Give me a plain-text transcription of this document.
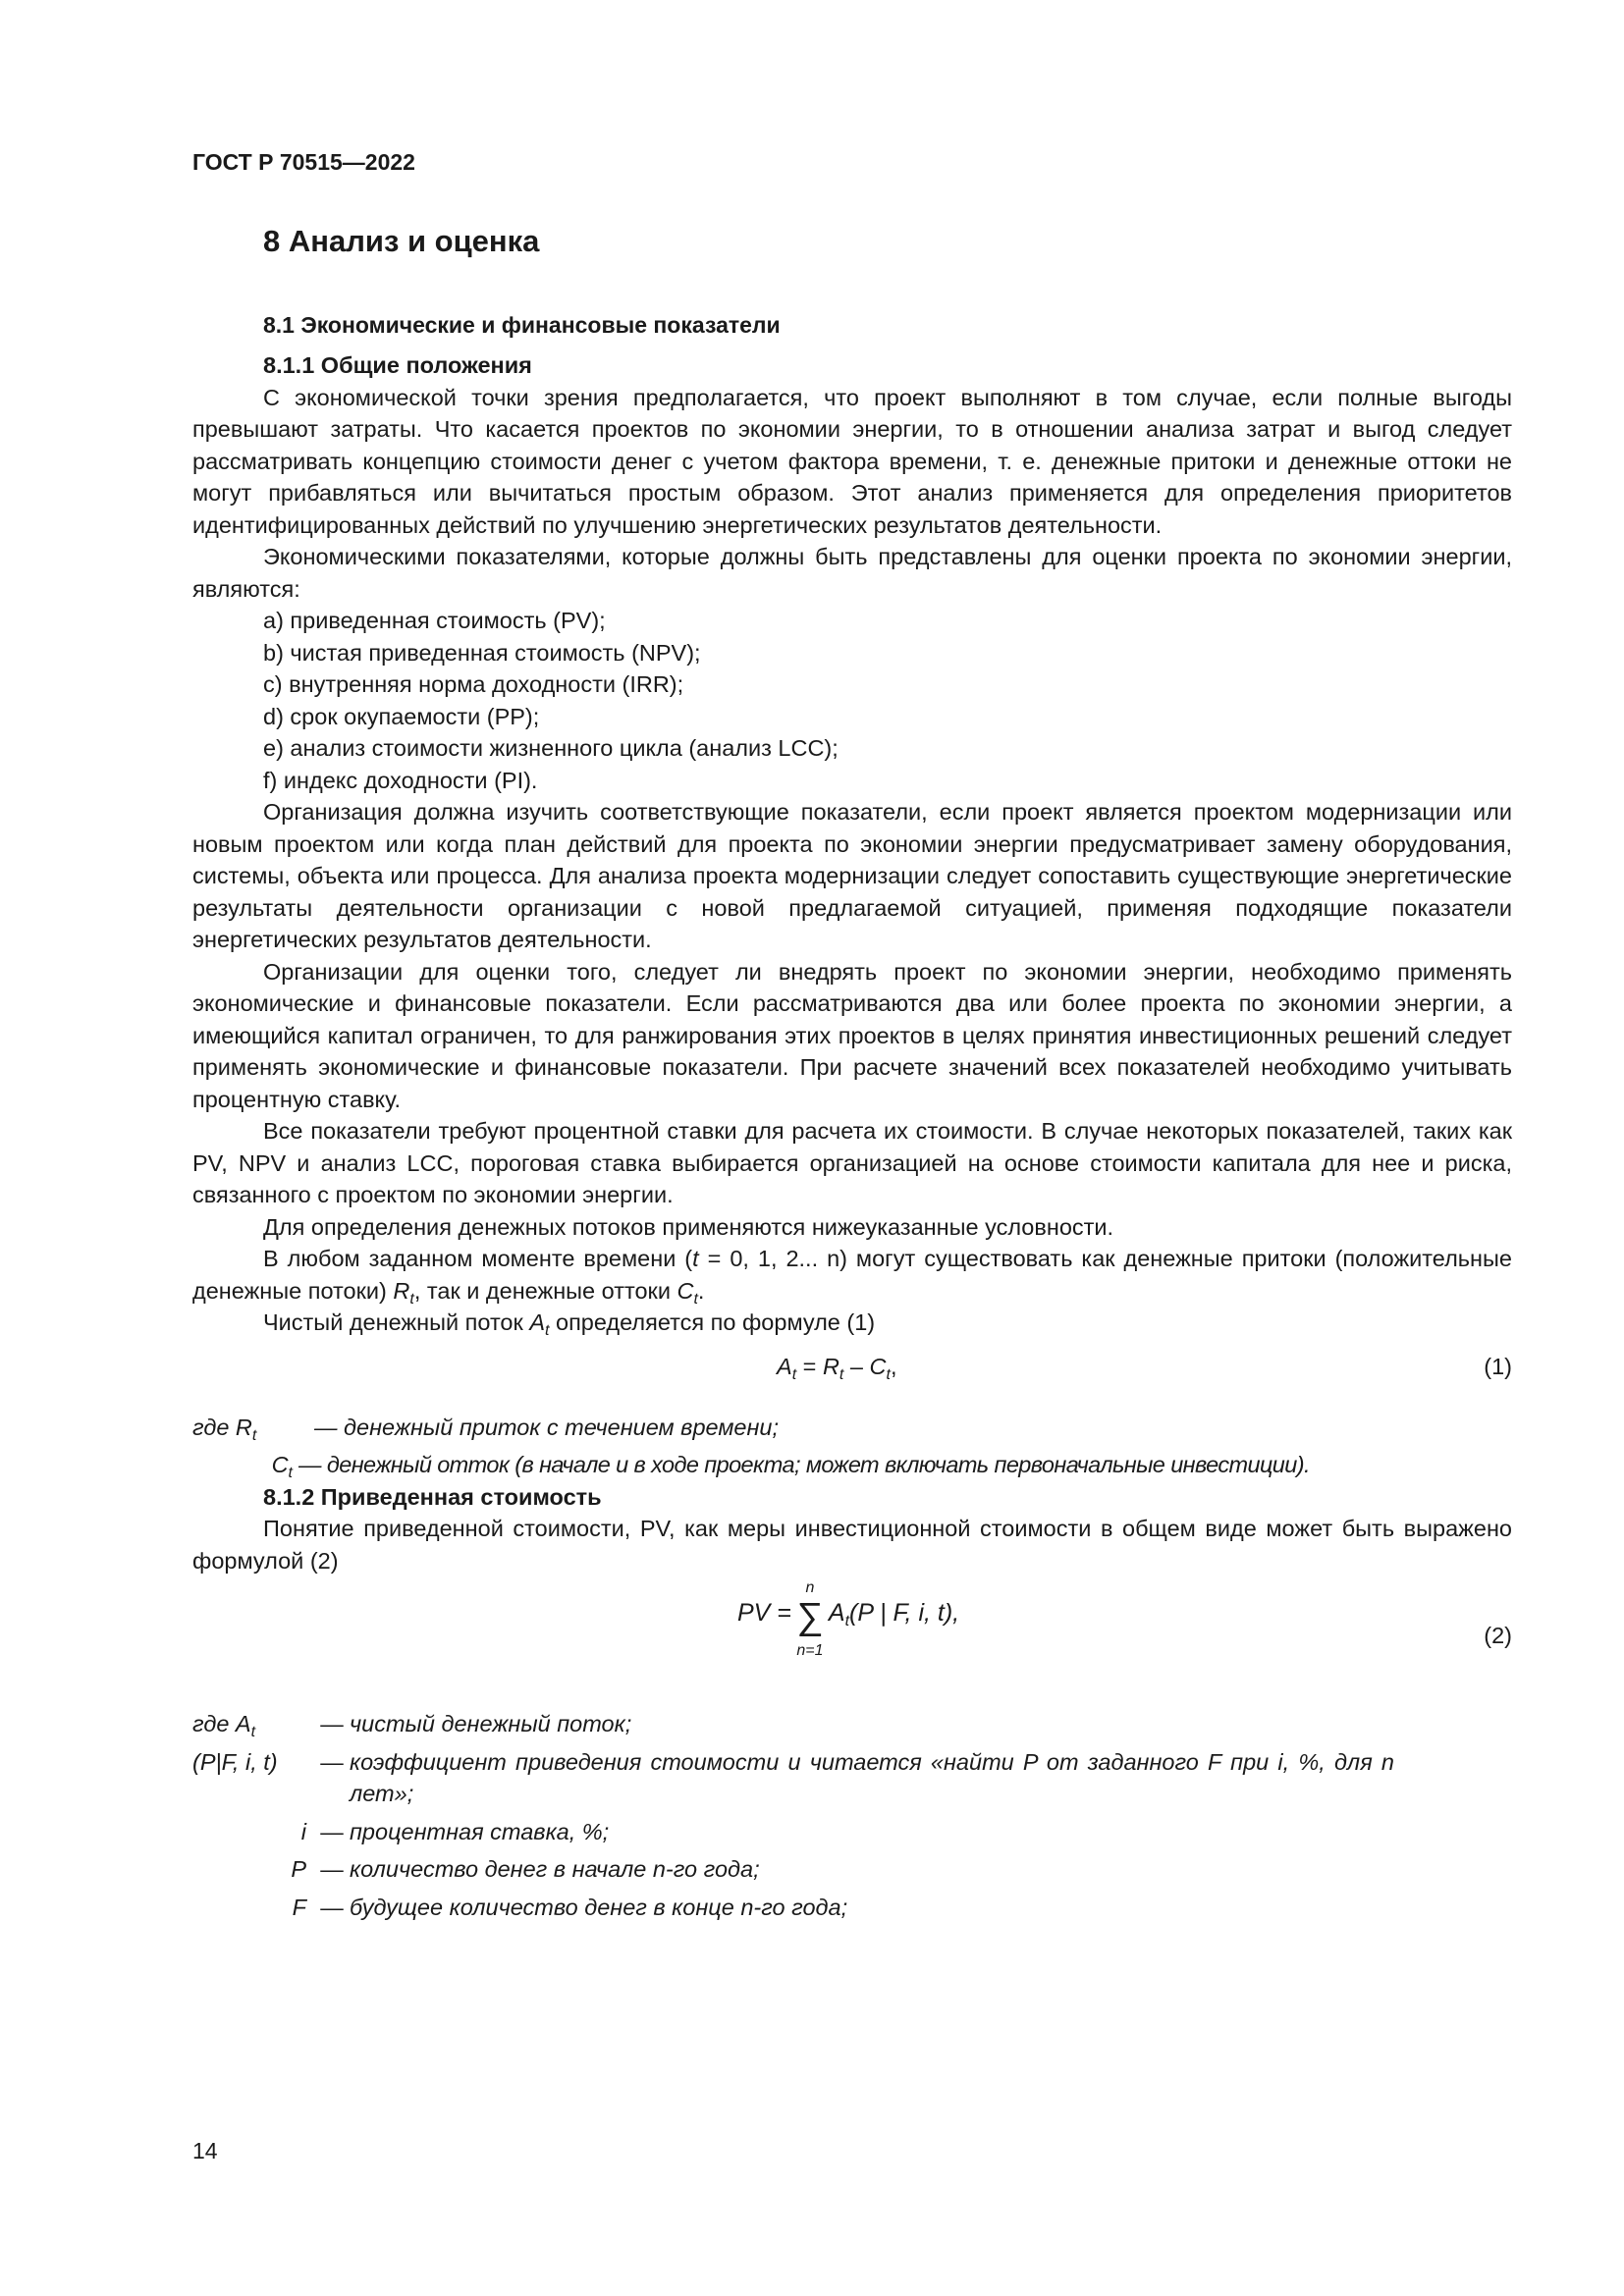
ГОСТ Р 70515—2022
8 Анализ и оценка
8.1 Экономические и финансовые показатели

8.1.1 Общие положения

С экономической точки зрения предполагается, что проект выполняют в том случае, если полные выгоды превышают затраты. Что касается проектов по экономии энергии, то в отношении анализа затрат и выгод следует рассматривать концепцию стоимости денег с учетом фактора времени, т. е. денежные притоки и денежные оттоки не могут прибавляться или вычитаться простым образом. Этот анализ применяется для определения приоритетов идентифицированных действий по улучшению энергетических результатов деятельности.

Экономическими показателями, которые должны быть представлены для оценки проекта по экономии энергии, являются:

a) приведенная стоимость (PV);

b) чистая приведенная стоимость (NPV);

c) внутренняя норма доходности (IRR);

d) срок окупаемости (PP);

e) анализ стоимости жизненного цикла (анализ LCC);

f) индекс доходности (PI).

Организация должна изучить соответствующие показатели, если проект является проектом модернизации или новым проектом или когда план действий для проекта по экономии энергии предусматривает замену оборудования, системы, объекта или процесса. Для анализа проекта модернизации следует сопоставить существующие энергетические результаты деятельности организации с новой предлагаемой ситуацией, применяя подходящие показатели энергетических результатов деятельности.

Организации для оценки того, следует ли внедрять проект по экономии энергии, необходимо применять экономические и финансовые показатели. Если рассматриваются два или более проекта по экономии энергии, а имеющийся капитал ограничен, то для ранжирования этих проектов в целях принятия инвестиционных решений следует применять экономические и финансовые показатели. При расчете значений всех показателей необходимо учитывать процентную ставку.

Все показатели требуют процентной ставки для расчета их стоимости. В случае некоторых показателей, таких как PV, NPV и анализ LCC, пороговая ставка выбирается организацией на основе стоимости капитала для нее и риска, связанного с проектом по экономии энергии.

Для определения денежных потоков применяются нижеуказанные условности.

В любом заданном моменте времени (t = 0, 1, 2... n) могут существовать как денежные притоки (положительные денежные потоки) $R_t$, так и денежные оттоки $C_t$.

Чистый денежный поток $A_t$ определяется по формуле (1)

$A_t = R_t - C_t$,	(1)
где $R_t$	— денежный приток с течением времени;
$C_t$ — денежный отток (в начале и в ходе проекта; может включать первоначальные инвестиции).

8.1.2 Приведенная стоимость

Понятие приведенной стоимости, PV, как меры инвестиционной стоимости в общем виде может быть выражено формулой (2)

PV =
n
∑
n=1
$A_t(P$ | F, i, t),
(2)
где $A_t$	— чистый денежный поток;
(P|F, i, t)	— коэффициент приведения стоимости и читается «найти P от заданного F при i, %, для n лет»;
i — процентная ставка, %;
P — количество денег в начале n-го года;
F — будущее количество денег в конце n-го года;
14
